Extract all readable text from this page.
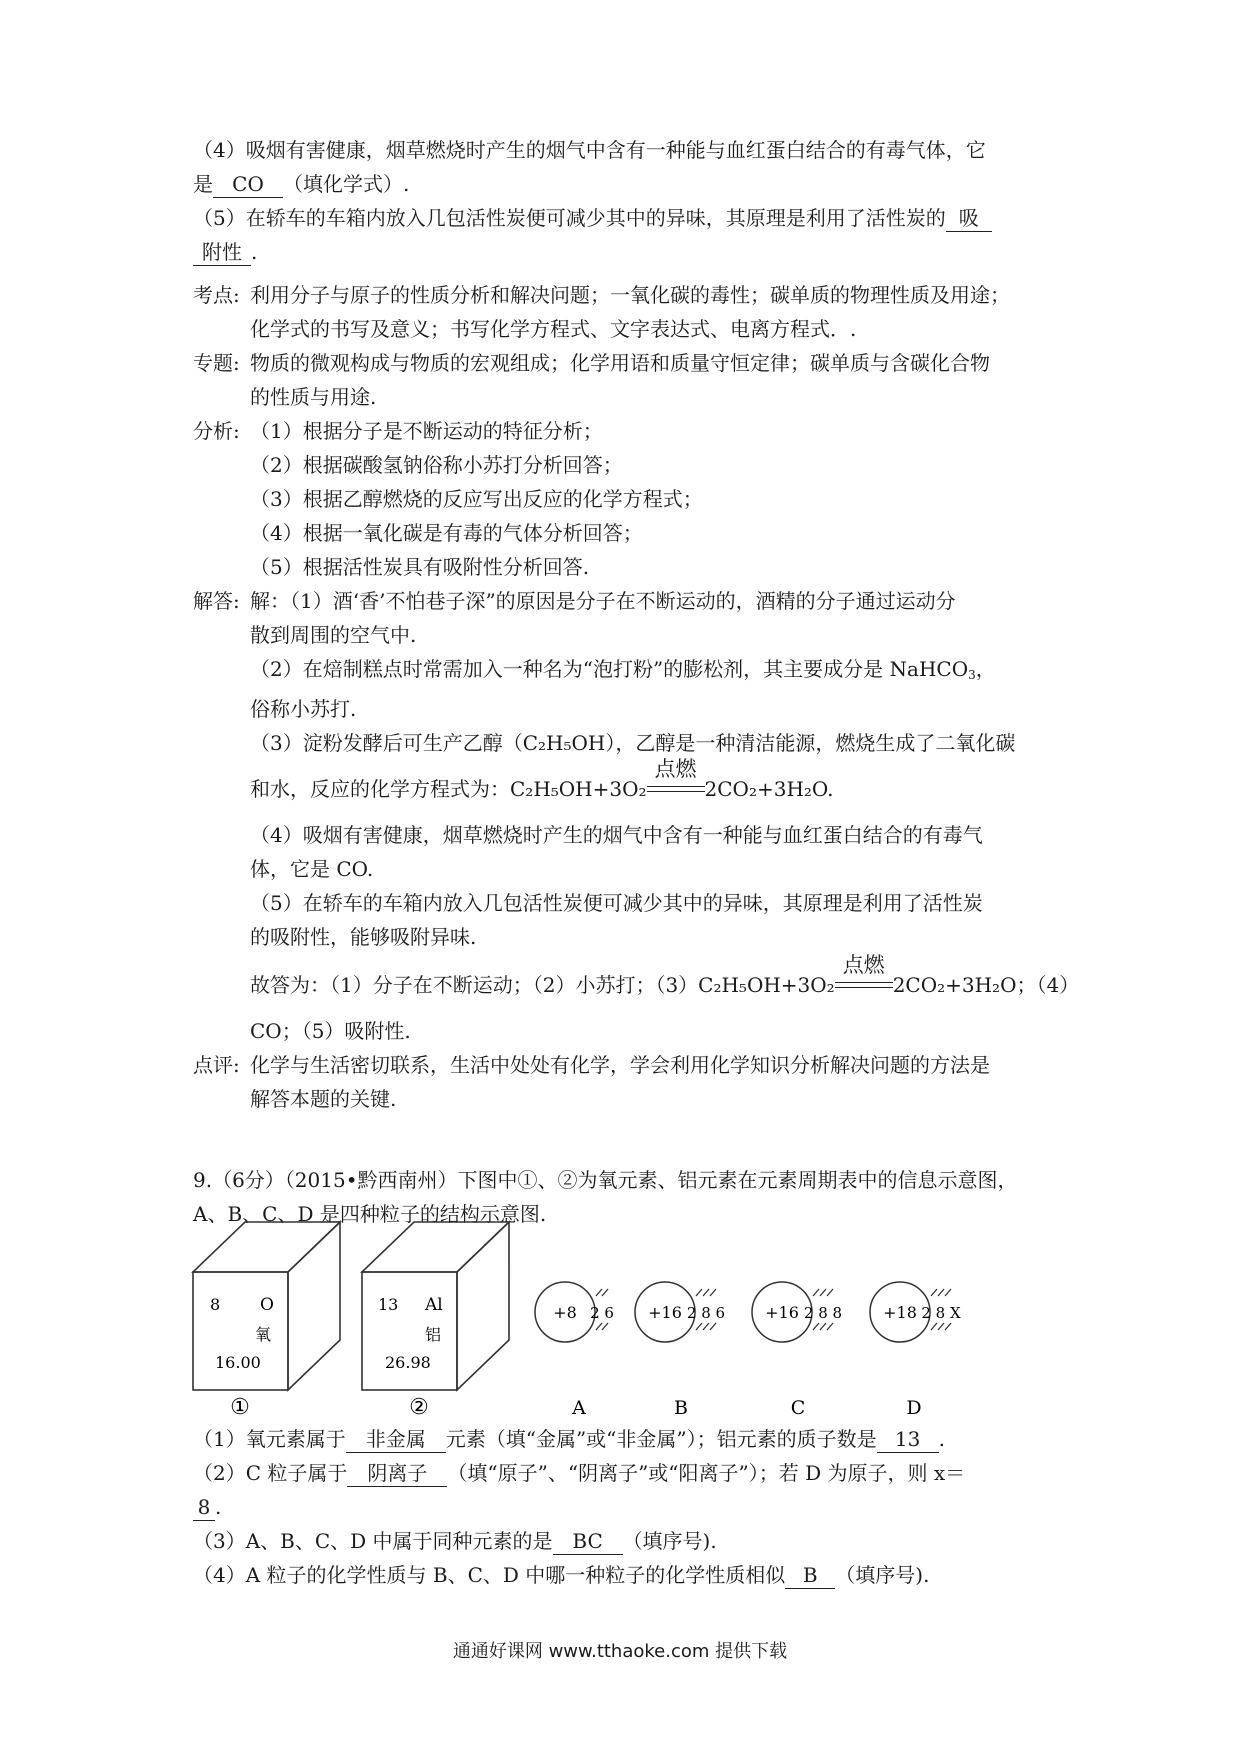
（4）吸烟有害健康，烟草燃烧时产生的烟气中含有一种能与血红蛋白结合的有毒气体，它
是 CO （填化学式）.
（5）在轿车的车箱内放入几包活性炭便可减少其中的异味，其原理是利用了活性炭的 吸
附性 .
考点: 利用分子与原子的性质分析和解决问题；一氧化碳的毒性；碳单质的物理性质及用途；
化学式的书写及意义；书写化学方程式、文字表达式、电离方程式．.
专题: 物质的微观构成与物质的宏观组成；化学用语和质量守恒定律；碳单质与含碳化合物
的性质与用途.
分析: （1）根据分子是不断运动的特征分析；
（2）根据碳酸氢钠俗称小苏打分析回答；
（3）根据乙醇燃烧的反应写出反应的化学方程式；
（4）根据一氧化碳是有毒的气体分析回答；
（5）根据活性炭具有吸附性分析回答.
解答: 解：（1）酒‘香’不怕巷子深”的原因是分子在不断运动的，酒精的分子通过运动分
散到周围的空气中.
（2）在焙制糕点时常需加入一种名为“泡打粉”的膨松剂，其主要成分是 NaHCO$_3$，
俗称小苏打.
（3）淀粉发酵后可生产乙醇（C₂H₅OH），乙醇是一种清洁能源，燃烧生成了二氧化碳
和水，反应的化学方程式为：C₂H₅OH+3O₂
点燃
2CO₂+3H₂O.
（4）吸烟有害健康，烟草燃烧时产生的烟气中含有一种能与血红蛋白结合的有毒气
体，它是 CO.
（5）在轿车的车箱内放入几包活性炭便可减少其中的异味，其原理是利用了活性炭
的吸附性，能够吸附异味.
故答为：（1）分子在不断运动；（2）小苏打；（3）C₂H₅OH+3O₂
点燃
2CO₂+3H₂O；（4）
CO；（5）吸附性.
点评: 化学与生活密切联系，生活中处处有化学，学会利用化学知识分析解决问题的方法是
解答本题的关键.
9.（6分）（2015•黔西南州）下图中①、②为氧元素、铝元素在元素周期表中的信息示意图，
A、B、C、D 是四种粒子的结构示意图.
8 O
氧
16.00
①
13 Al
铝
26.98
②
+8 2 6
A
+16 2 8 6
B
+16 2 8 8
C
+18 2 8 X
D
（1）氧元素属于 非金属 元素（填“金属”或“非金属”）；铝元素的质子数是 13 .
（2）C 粒子属于 阴离子 （填“原子”、“阴离子”或“阳离子”）；若 D 为原子，则 x＝
8 .
（3）A、B、C、D 中属于同种元素的是 BC （填序号).
（4）A 粒子的化学性质与 B、C、D 中哪一种粒子的化学性质相似 B （填序号).
通通好课网 www.tthaoke.com 提供下载
